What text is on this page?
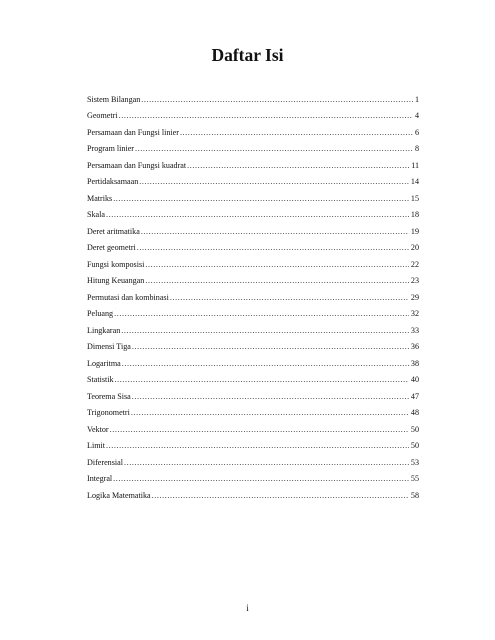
Daftar Isi
Sistem Bilangan .....	1
Geometri .....	4
Persamaan dan Fungsi linier .....	6
Program linier .....	8
Persamaan dan Fungsi kuadrat .....	11
Pertidaksamaan .....	14
Matriks .....	15
Skala .....	18
Deret aritmatika .....	19
Deret geometri .....	20
Fungsi komposisi .....	22
Hitung Keuangan .....	23
Permutasi dan kombinasi .....	29
Peluang .....	32
Lingkaran .....	33
Dimensi Tiga .....	36
Logaritma .....	38
Statistik .....	40
Teorema Sisa .....	47
Trigonometri .....	48
Vektor .....	50
Limit .....	50
Diferensial .....	53
Integral .....	55
Logika Matematika .....	58
i
